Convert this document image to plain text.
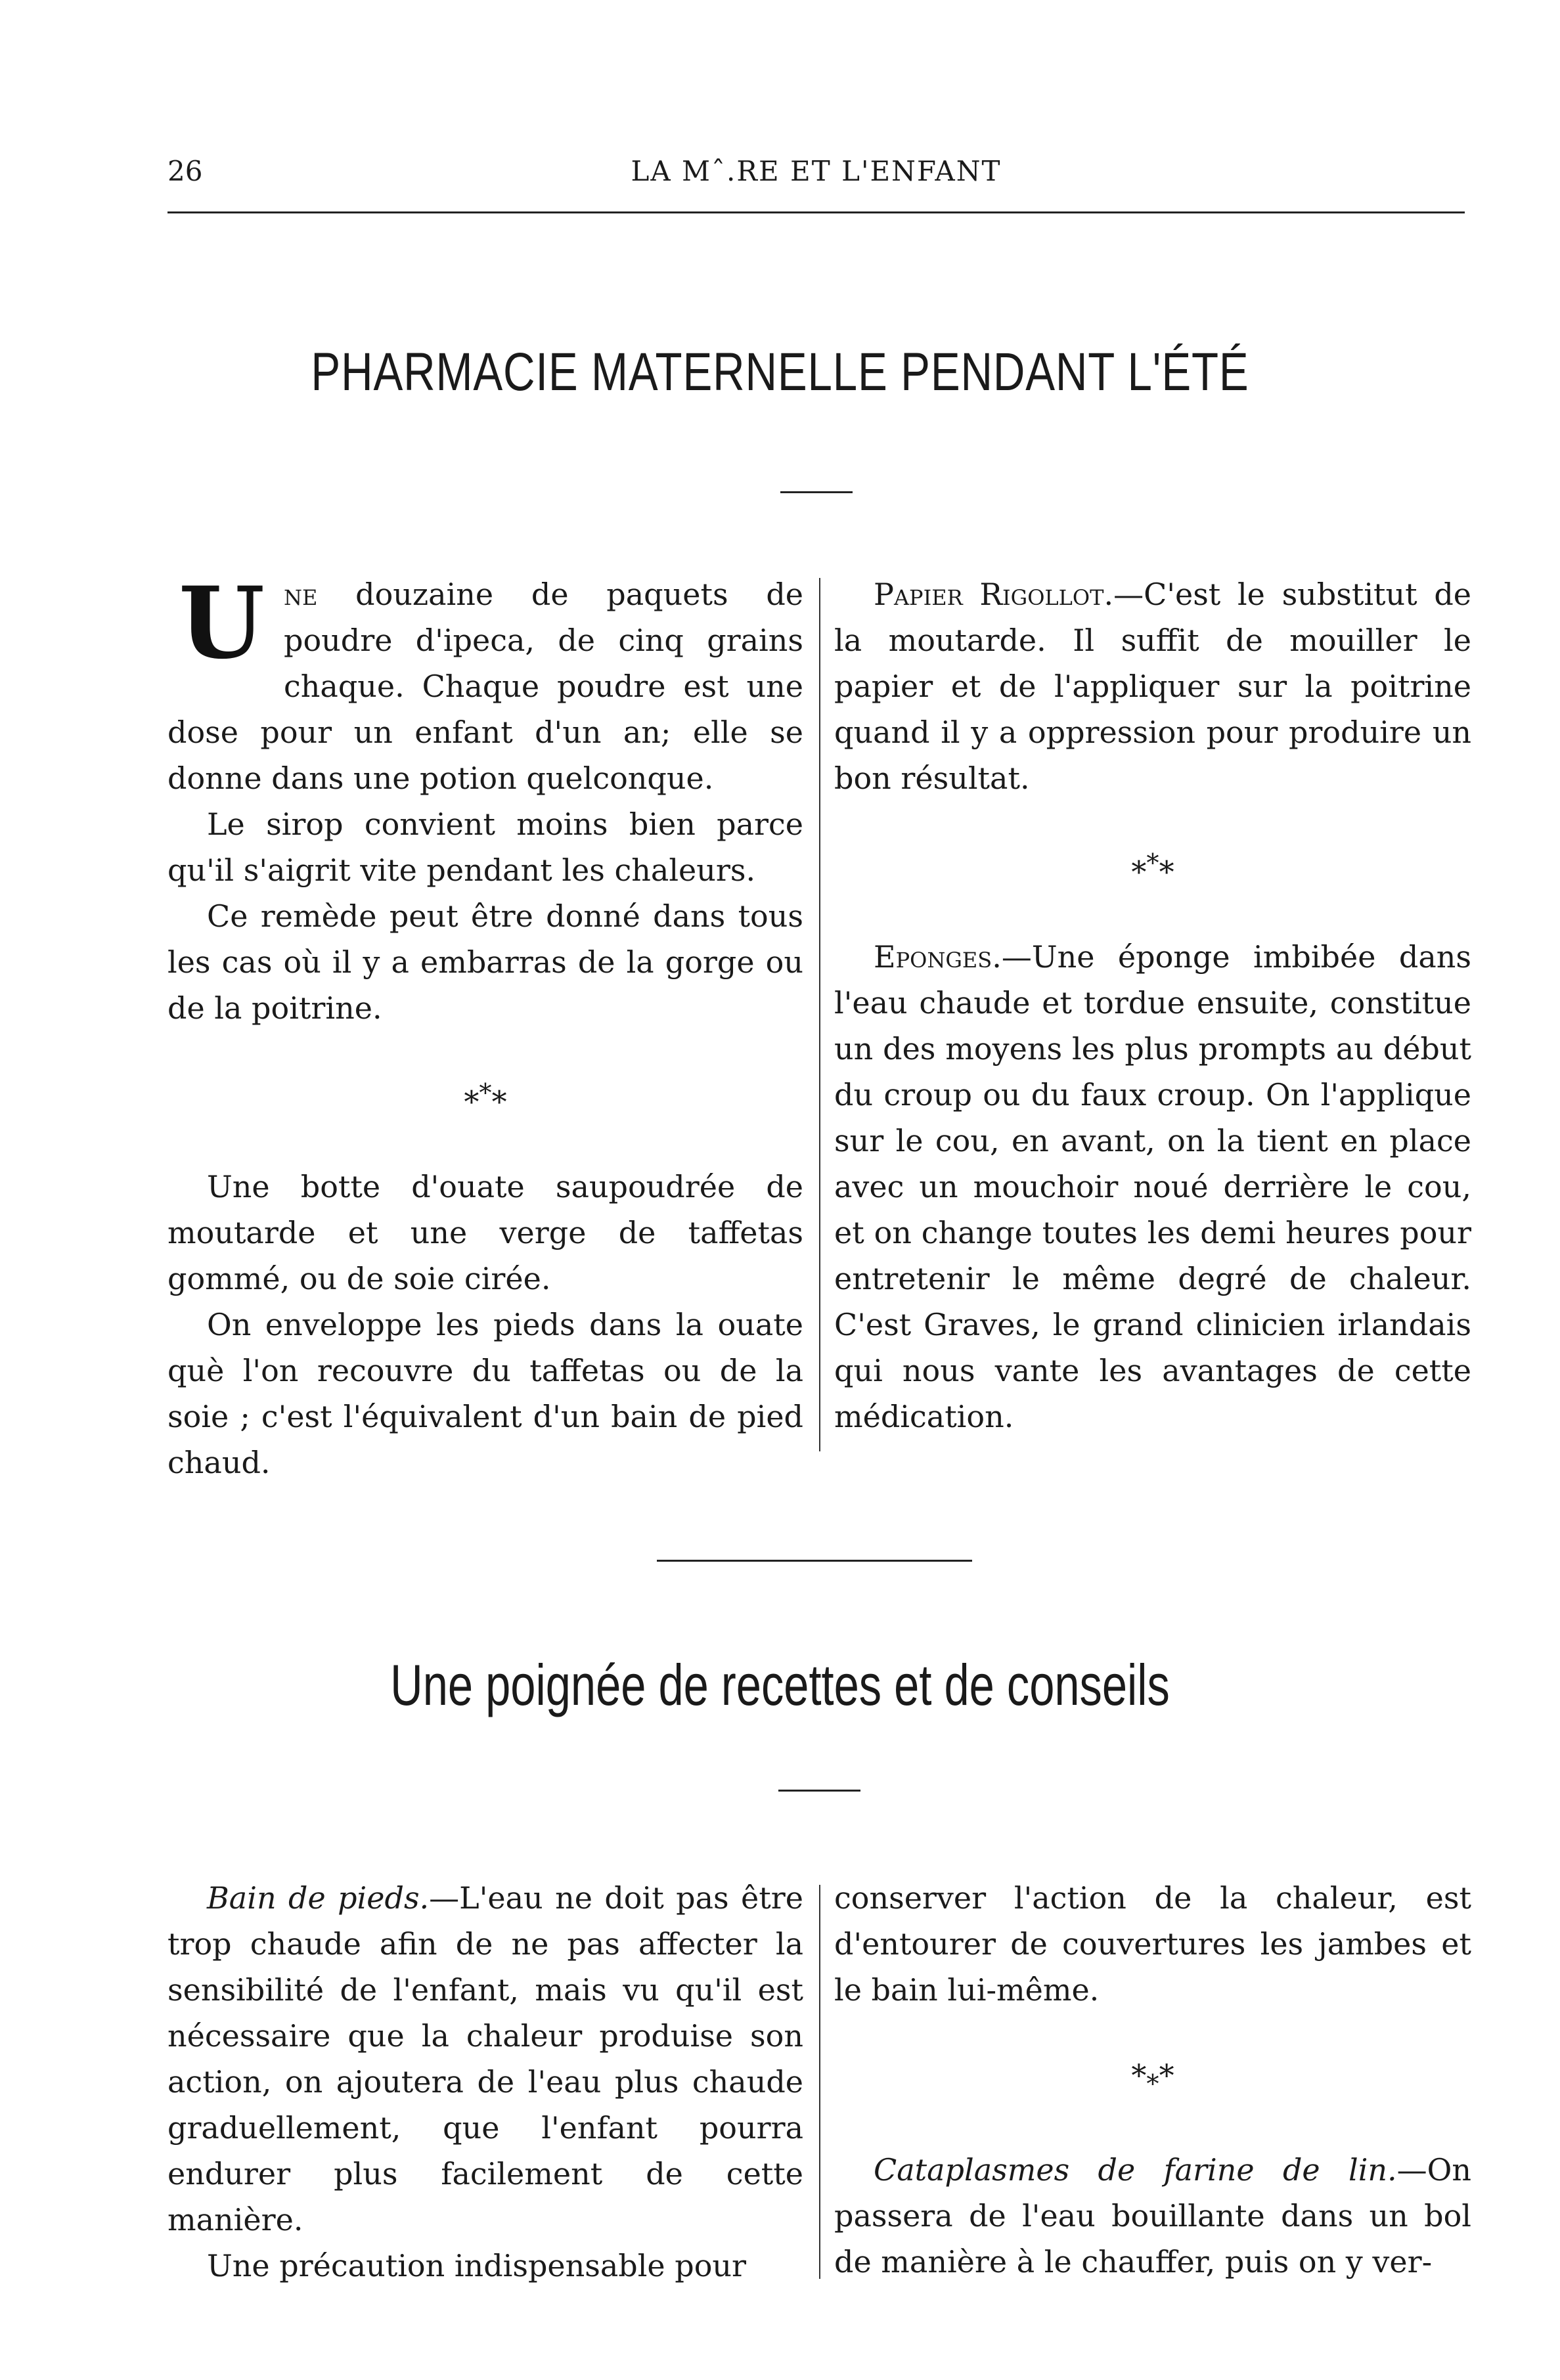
26	LA Mˆ.RE ET L'ENFANT
PHARMACIE MATERNELLE PENDANT L'ÉTÉ

Une douzaine de paquets de poudre d'ipeca, de cinq grains chaque. Chaque poudre est une dose pour un enfant d'un an; elle se donne dans une potion quelconque.

Le sirop convient moins bien parce qu'il s'aigrit vite pendant les chaleurs.

Ce remède peut être donné dans tous les cas où il y a embarras de la gorge ou de la poitrine.

***

Une botte d'ouate saupoudrée de moutarde et une verge de taffetas gommé, ou de soie cirée.

On enveloppe les pieds dans la ouate què l'on recouvre du taffetas ou de la soie ; c'est l'équivalent d'un bain de pied chaud.

Papier Rigollot.—C'est le substitut de la moutarde. Il suffit de mouiller le papier et de l'appliquer sur la poitrine quand il y a oppression pour produire un bon résultat.

***

Eponges.—Une éponge imbibée dans l'eau chaude et tordue ensuite, constitue un des moyens les plus prompts au début du croup ou du faux croup. On l'applique sur le cou, en avant, on la tient en place avec un mouchoir noué derrière le cou, et on change toutes les demi heures pour entretenir le même degré de chaleur. C'est Graves, le grand clinicien irlandais qui nous vante les avantages de cette médication.

Une poignée de recettes et de conseils

Bain de pieds.—L'eau ne doit pas être trop chaude afin de ne pas affecter la sensibilité de l'enfant, mais vu qu'il est nécessaire que la chaleur produise son action, on ajoutera de l'eau plus chaude graduellement, que l'enfant pourra endurer plus facilement de cette manière.

Une précaution indispensable pour

conserver l'action de la chaleur, est d'entourer de couvertures les jambes et le bain lui-même.

$*_**$

Cataplasmes de farine de lin.—On passera de l'eau bouillante dans un bol de manière à le chauffer, puis on y ver-
